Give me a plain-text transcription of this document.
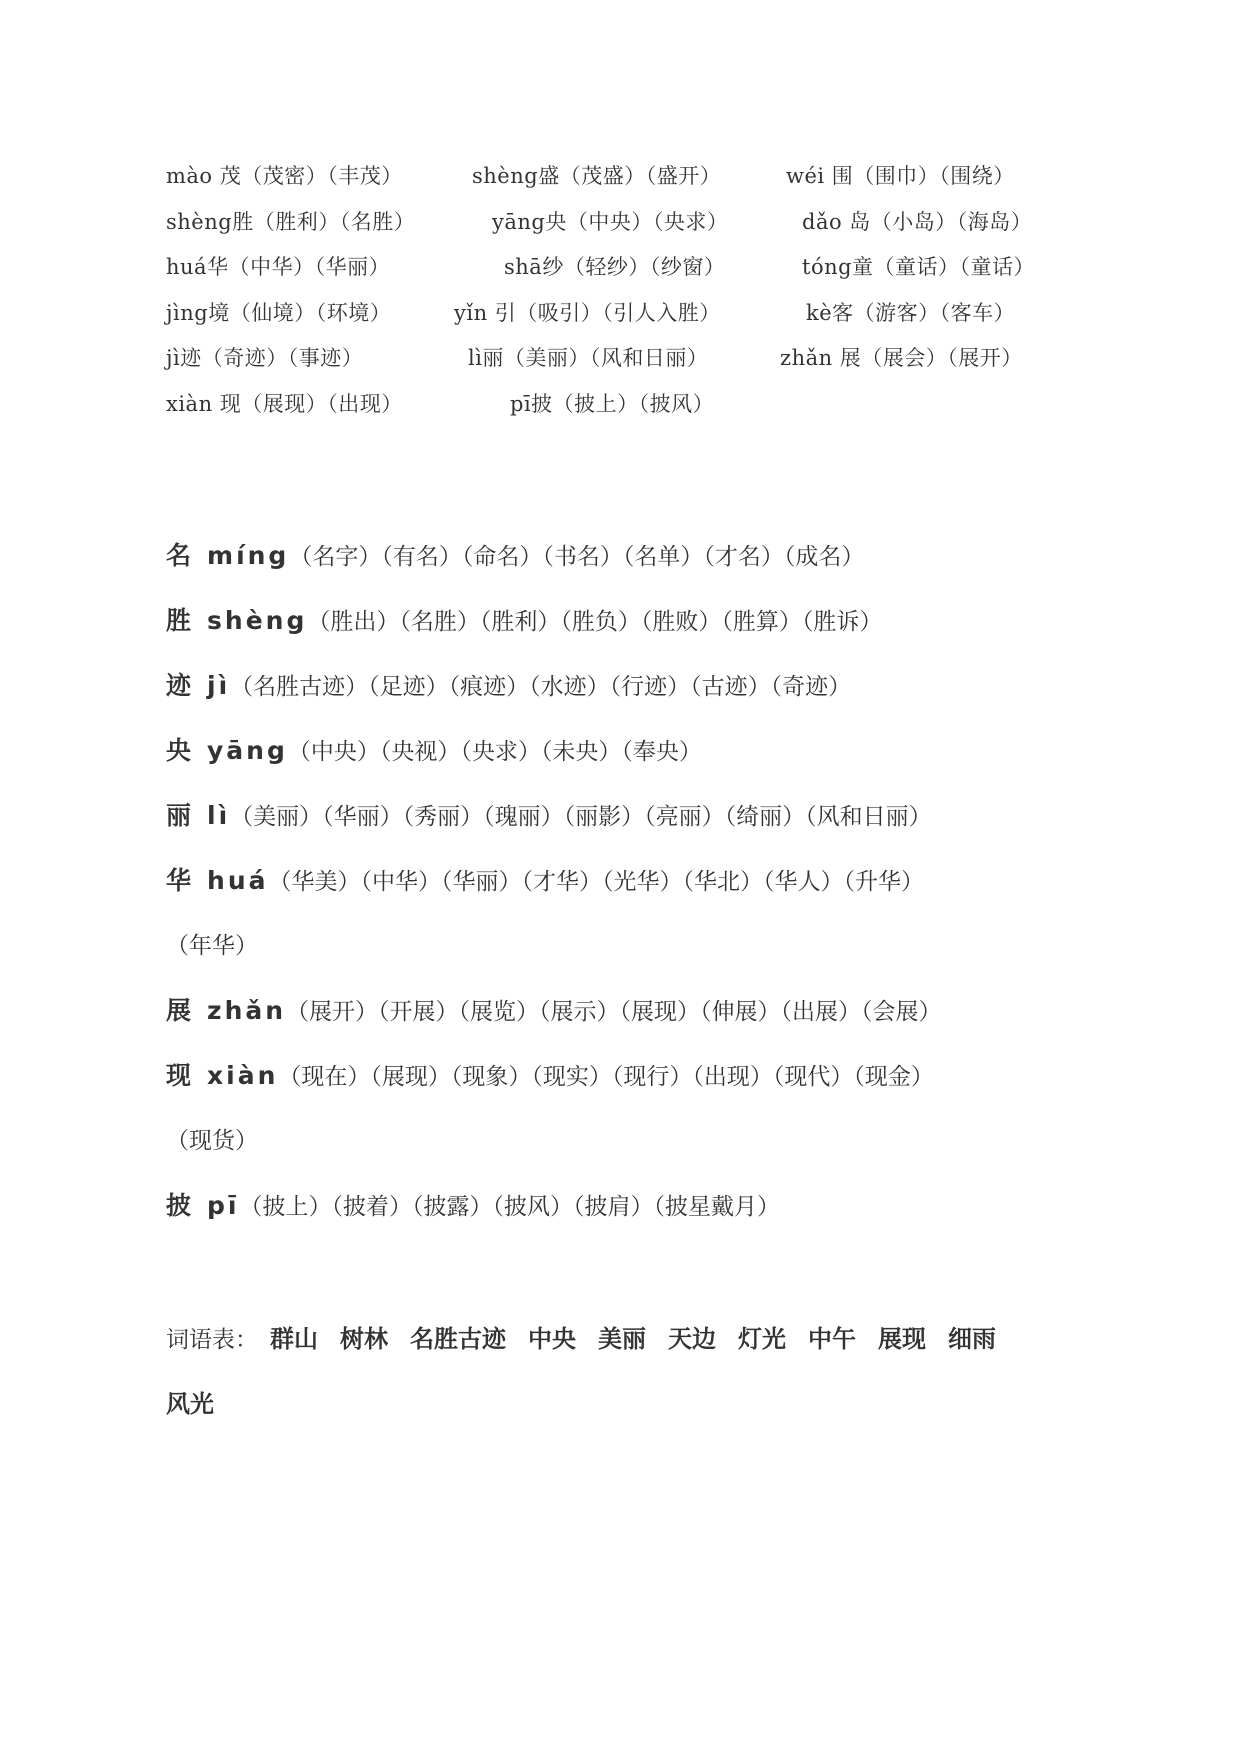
mào 茂（茂密）（丰茂）	shèng盛（茂盛）（盛开）	wéi 围（围巾）（围绕）
shèng胜（胜利）（名胜）	yāng央（中央）（央求）	dǎo 岛（小岛）（海岛）
huá华（中华）（华丽）	shā纱（轻纱）（纱窗）	tóng童（童话）（童话）
jìng境（仙境）（环境）	yǐn 引（吸引）（引人入胜）	kè客（游客）（客车）
jì迹（奇迹）（事迹）	lì丽（美丽）（风和日丽）	zhǎn 展（展会）（展开）
xiàn 现（展现）（出现）	pī披（披上）（披风）
名 míng（名字）（有名）（命名）（书名）（名单）（才名）（成名）
胜 shèng（胜出）（名胜）（胜利）（胜负）（胜败）（胜算）（胜诉）
迹 jì（名胜古迹）（足迹）（痕迹）（水迹）（行迹）（古迹）（奇迹）
央 yāng（中央）（央视）（央求）（未央）（奉央）
丽 lì（美丽）（华丽）（秀丽）（瑰丽）（丽影）（亮丽）（绮丽）（风和日丽）
华 huá（华美）（中华）（华丽）（才华）（光华）（华北）（华人）（升华）
（年华）
展 zhǎn（展开）（开展）（展览）（展示）（展现）（伸展）（出展）（会展）
现 xiàn（现在）（展现）（现象）（现实）（现行）（出现）（现代）（现金）
（现货）
披 pī（披上）（披着）（披露）（披风）（披肩）（披星戴月）
词语表： 群山 树林 名胜古迹 中央 美丽 天边 灯光 中午 展现 细雨
风光
